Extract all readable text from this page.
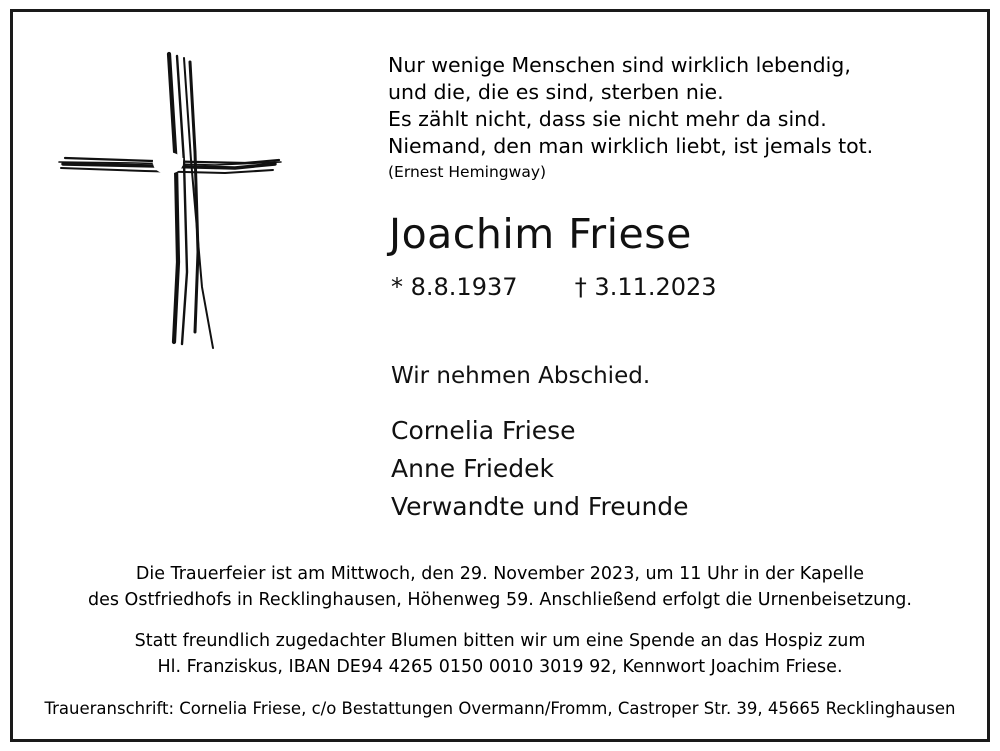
Nur wenige Menschen sind wirklich lebendig,
und die, die es sind, sterben nie.
Es zählt nicht, dass sie nicht mehr da sind.
Niemand, den man wirklich liebt, ist jemals tot.
(Ernest Hemingway)
Joachim Friese
* 8.8.1937 † 3.11.2023
Wir nehmen Abschied.
Cornelia Friese
Anne Friedek
Verwandte und Freunde

Die Trauerfeier ist am Mittwoch, den 29. November 2023, um 11 Uhr in der Kapelle

des Ostfriedhofs in Recklinghausen, Höhenweg 59. Anschließend erfolgt die Urnenbeisetzung.

Statt freundlich zugedachter Blumen bitten wir um eine Spende an das Hospiz zum

Hl. Franziskus, IBAN DE94 4265 0150 0010 3019 92, Kennwort Joachim Friese.

Traueranschrift: Cornelia Friese, c/o Bestattungen Overmann/Fromm, Castroper Str. 39, 45665 Recklinghausen
